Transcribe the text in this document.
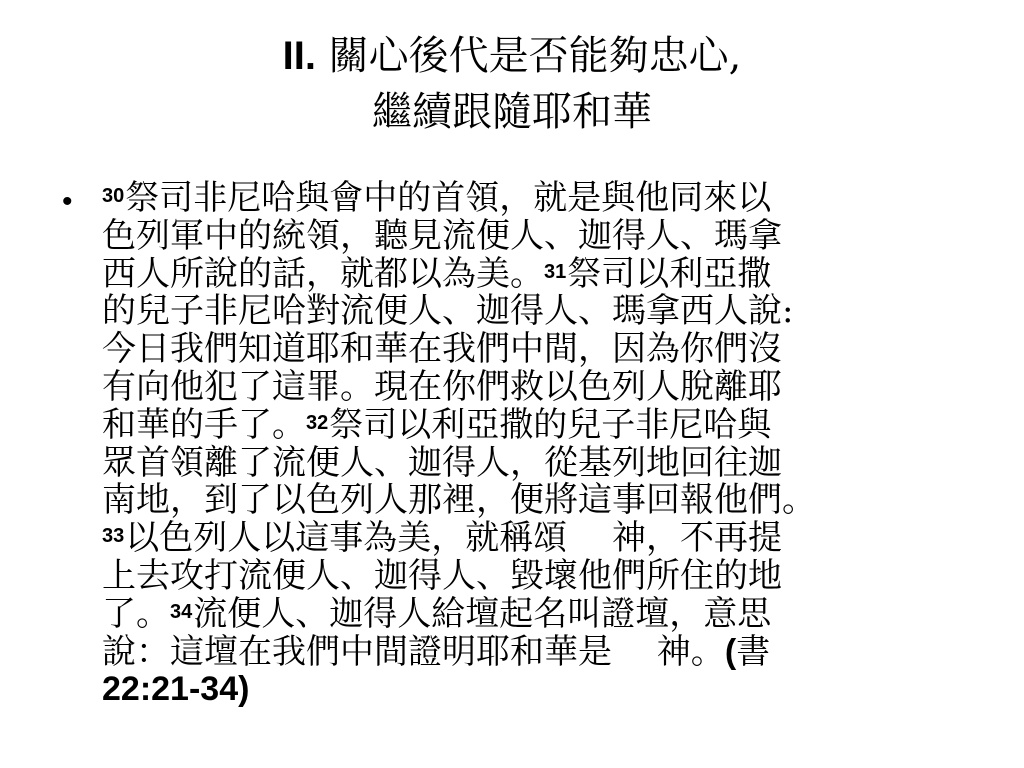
II. 關心後代是否能夠忠心,
繼續跟隨耶和華
• $^{30}$祭司非尼哈與會中的首領，就是與他同來以
色列軍中的統領，聽見流便人、迦得人、瑪拿
西人所說的話，就都以為美。$^{31}$祭司以利亞撒
的兒子非尼哈對流便人、迦得人、瑪拿西人說:
今日我們知道耶和華在我們中間，因為你們沒
有向他犯了這罪。現在你們救以色列人脫離耶
和華的手了。$^{32}$祭司以利亞撒的兒子非尼哈與
眾首領離了流便人、迦得人，從基列地回往迦
南地，到了以色列人那裡，便將這事回報他們。
$^{33}$以色列人以這事為美，就稱頌　 神，不再提
上去攻打流便人、迦得人、毀壞他們所住的地
了。$^{34}$流便人、迦得人給壇起名叫證壇，意思
說：這壇在我們中間證明耶和華是　 神。(書
22:21-34)
